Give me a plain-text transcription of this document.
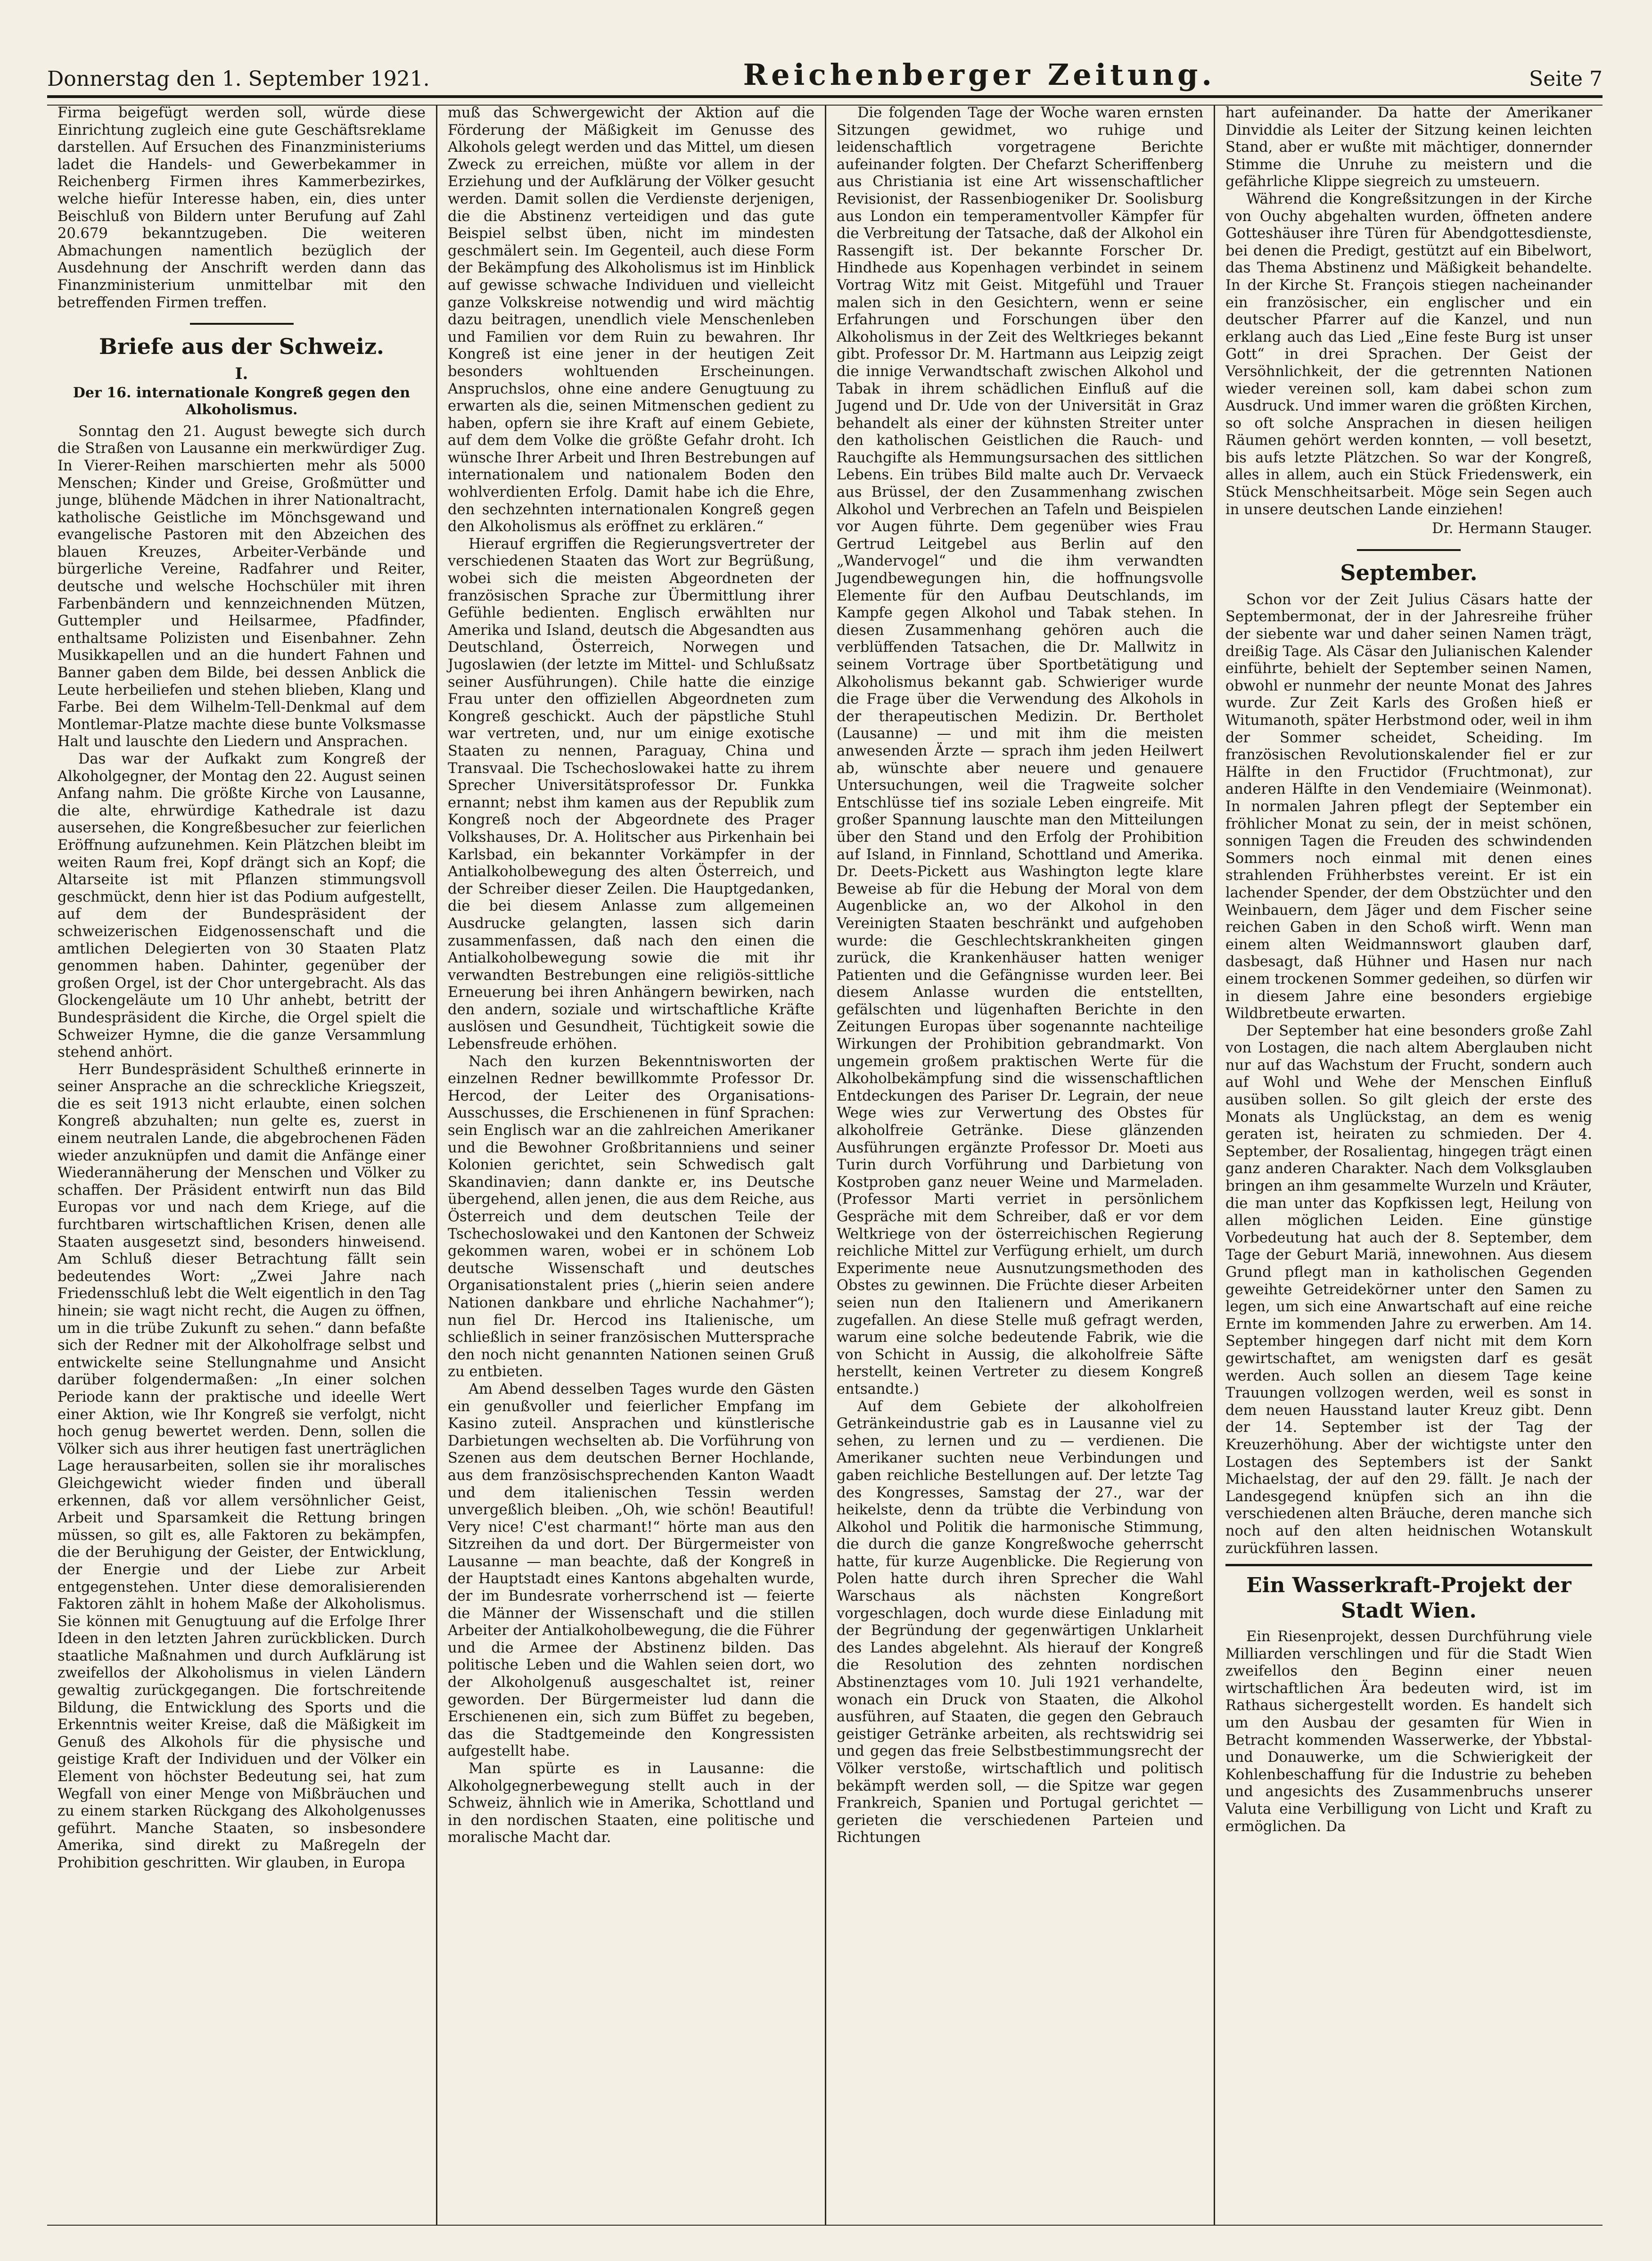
Donnerstag den 1. September 1921.	Reichenberger Zeitung.	Seite 7

Firma beigefügt werden soll, würde diese Einrichtung zugleich eine gute Geschäftsreklame darstellen. Auf Ersuchen des Finanzministeriums ladet die Handels- und Gewerbekammer in Reichenberg Firmen ihres Kammerbezirkes, welche hiefür Interesse haben, ein, dies unter Beischluß von Bildern unter Berufung auf Zahl 20.679 bekanntzugeben. Die weiteren Abmachungen namentlich bezüglich der Ausdehnung der Anschrift werden dann das Finanzministerium unmittelbar mit den betreffenden Firmen treffen.

Briefe aus der Schweiz.
I.
Der 16. internationale Kongreß gegen den Alkoholismus.

Sonntag den 21. August bewegte sich durch die Straßen von Lausanne ein merkwürdiger Zug. In Vierer-Reihen marschierten mehr als 5000 Menschen; Kinder und Greise, Großmütter und junge, blühende Mädchen in ihrer Nationaltracht, katholische Geistliche im Mönchsgewand und evangelische Pastoren mit den Abzeichen des blauen Kreuzes, Arbeiter-Verbände und bürgerliche Vereine, Radfahrer und Reiter, deutsche und welsche Hochschüler mit ihren Farbenbändern und kennzeichnenden Mützen, Guttempler und Heilsarmee, Pfadfinder, enthaltsame Polizisten und Eisenbahner. Zehn Musikkapellen und an die hundert Fahnen und Banner gaben dem Bilde, bei dessen Anblick die Leute herbeiliefen und stehen blieben, Klang und Farbe. Bei dem Wilhelm-Tell-Denkmal auf dem Montlemar-Platze machte diese bunte Volksmasse Halt und lauschte den Liedern und Ansprachen.

Das war der Aufkakt zum Kongreß der Alkoholgegner, der Montag den 22. August seinen Anfang nahm. Die größte Kirche von Lausanne, die alte, ehrwürdige Kathedrale ist dazu ausersehen, die Kongreßbesucher zur feierlichen Eröffnung aufzunehmen. Kein Plätzchen bleibt im weiten Raum frei, Kopf drängt sich an Kopf; die Altarseite ist mit Pflanzen stimmungsvoll geschmückt, denn hier ist das Podium aufgestellt, auf dem der Bundespräsident der schweizerischen Eidgenossenschaft und die amtlichen Delegierten von 30 Staaten Platz genommen haben. Dahinter, gegenüber der großen Orgel, ist der Chor untergebracht. Als das Glockengeläute um 10 Uhr anhebt, betritt der Bundespräsident die Kirche, die Orgel spielt die Schweizer Hymne, die die ganze Versammlung stehend anhört.

Herr Bundespräsident Schultheß erinnerte in seiner Ansprache an die schreckliche Kriegszeit, die es seit 1913 nicht erlaubte, einen solchen Kongreß abzuhalten; nun gelte es, zuerst in einem neutralen Lande, die abgebrochenen Fäden wieder anzuknüpfen und damit die Anfänge einer Wiederannäherung der Menschen und Völker zu schaffen. Der Präsident entwirft nun das Bild Europas vor und nach dem Kriege, auf die furchtbaren wirtschaftlichen Krisen, denen alle Staaten ausgesetzt sind, besonders hinweisend. Am Schluß dieser Betrachtung fällt sein bedeutendes Wort: „Zwei Jahre nach Friedensschluß lebt die Welt eigentlich in den Tag hinein; sie wagt nicht recht, die Augen zu öffnen, um in die trübe Zukunft zu sehen.“ dann befaßte sich der Redner mit der Alkoholfrage selbst und entwickelte seine Stellungnahme und Ansicht darüber folgendermaßen: „In einer solchen Periode kann der praktische und ideelle Wert einer Aktion, wie Ihr Kongreß sie verfolgt, nicht hoch genug bewertet werden. Denn, sollen die Völker sich aus ihrer heutigen fast unerträglichen Lage herausarbeiten, sollen sie ihr moralisches Gleichgewicht wieder finden und überall erkennen, daß vor allem versöhnlicher Geist, Arbeit und Sparsamkeit die Rettung bringen müssen, so gilt es, alle Faktoren zu bekämpfen, die der Beruhigung der Geister, der Entwicklung, der Energie und der Liebe zur Arbeit entgegenstehen. Unter diese demoralisierenden Faktoren zählt in hohem Maße der Alkoholismus. Sie können mit Genugtuung auf die Erfolge Ihrer Ideen in den letzten Jahren zurückblicken. Durch staatliche Maßnahmen und durch Aufklärung ist zweifellos der Alkoholismus in vielen Ländern gewaltig zurückgegangen. Die fortschreitende Bildung, die Entwicklung des Sports und die Erkenntnis weiter Kreise, daß die Mäßigkeit im Genuß des Alkohols für die physische und geistige Kraft der Individuen und der Völker ein Element von höchster Bedeutung sei, hat zum Wegfall von einer Menge von Mißbräuchen und zu einem starken Rückgang des Alkoholgenusses geführt. Manche Staaten, so insbesondere Amerika, sind direkt zu Maßregeln der Prohibition geschritten. Wir glauben, in Europa

muß das Schwergewicht der Aktion auf die Förderung der Mäßigkeit im Genusse des Alkohols gelegt werden und das Mittel, um diesen Zweck zu erreichen, müßte vor allem in der Erziehung und der Aufklärung der Völker gesucht werden. Damit sollen die Verdienste derjenigen, die die Abstinenz verteidigen und das gute Beispiel selbst üben, nicht im mindesten geschmälert sein. Im Gegenteil, auch diese Form der Bekämpfung des Alkoholismus ist im Hinblick auf gewisse schwache Individuen und vielleicht ganze Volkskreise notwendig und wird mächtig dazu beitragen, unendlich viele Menschenleben und Familien vor dem Ruin zu bewahren. Ihr Kongreß ist eine jener in der heutigen Zeit besonders wohltuenden Erscheinungen. Anspruchslos, ohne eine andere Genugtuung zu erwarten als die, seinen Mitmenschen gedient zu haben, opfern sie ihre Kraft auf einem Gebiete, auf dem dem Volke die größte Gefahr droht. Ich wünsche Ihrer Arbeit und Ihren Bestrebungen auf internationalem und nationalem Boden den wohlverdienten Erfolg. Damit habe ich die Ehre, den sechzehnten internationalen Kongreß gegen den Alkoholismus als eröffnet zu erklären.“

Hierauf ergriffen die Regierungsvertreter der verschiedenen Staaten das Wort zur Begrüßung, wobei sich die meisten Abgeordneten der französischen Sprache zur Übermittlung ihrer Gefühle bedienten. Englisch erwählten nur Amerika und Island, deutsch die Abgesandten aus Deutschland, Österreich, Norwegen und Jugoslawien (der letzte im Mittel- und Schlußsatz seiner Ausführungen). Chile hatte die einzige Frau unter den offiziellen Abgeordneten zum Kongreß geschickt. Auch der päpstliche Stuhl war vertreten, und, nur um einige exotische Staaten zu nennen, Paraguay, China und Transvaal. Die Tschechoslowakei hatte zu ihrem Sprecher Universitätsprofessor Dr. Funkka ernannt; nebst ihm kamen aus der Republik zum Kongreß noch der Abgeordnete des Prager Volkshauses, Dr. A. Holitscher aus Pirkenhain bei Karlsbad, ein bekannter Vorkämpfer in der Antialkoholbewegung des alten Österreich, und der Schreiber dieser Zeilen. Die Hauptgedanken, die bei diesem Anlasse zum allgemeinen Ausdrucke gelangten, lassen sich darin zusammenfassen, daß nach den einen die Antialkoholbewegung sowie die mit ihr verwandten Bestrebungen eine religiös-sittliche Erneuerung bei ihren Anhängern bewirken, nach den andern, soziale und wirtschaftliche Kräfte auslösen und Gesundheit, Tüchtigkeit sowie die Lebensfreude erhöhen.

Nach den kurzen Bekenntnisworten der einzelnen Redner bewillkommte Professor Dr. Hercod, der Leiter des Organisations-Ausschusses, die Erschienenen in fünf Sprachen: sein Englisch war an die zahlreichen Amerikaner und die Bewohner Großbritanniens und seiner Kolonien gerichtet, sein Schwedisch galt Skandinavien; dann dankte er, ins Deutsche übergehend, allen jenen, die aus dem Reiche, aus Österreich und dem deutschen Teile der Tschechoslowakei und den Kantonen der Schweiz gekommen waren, wobei er in schönem Lob deutsche Wissenschaft und deutsches Organisationstalent pries („hierin seien andere Nationen dankbare und ehrliche Nachahmer“); nun fiel Dr. Hercod ins Italienische, um schließlich in seiner französischen Muttersprache den noch nicht genannten Nationen seinen Gruß zu entbieten.

Am Abend desselben Tages wurde den Gästen ein genußvoller und feierlicher Empfang im Kasino zuteil. Ansprachen und künstlerische Darbietungen wechselten ab. Die Vorführung von Szenen aus dem deutschen Berner Hochlande, aus dem französischsprechenden Kanton Waadt und dem italienischen Tessin werden unvergeßlich bleiben. „Oh, wie schön! Beautiful! Very nice! C'est charmant!“ hörte man aus den Sitzreihen da und dort. Der Bürgermeister von Lausanne — man beachte, daß der Kongreß in der Hauptstadt eines Kantons abgehalten wurde, der im Bundesrate vorherrschend ist — feierte die Männer der Wissenschaft und die stillen Arbeiter der Antialkoholbewegung, die die Führer und die Armee der Abstinenz bilden. Das politische Leben und die Wahlen seien dort, wo der Alkoholgenuß ausgeschaltet ist, reiner geworden. Der Bürgermeister lud dann die Erschienenen ein, sich zum Büffet zu begeben, das die Stadtgemeinde den Kongressisten aufgestellt habe.

Man spürte es in Lausanne: die Alkoholgegnerbewegung stellt auch in der Schweiz, ähnlich wie in Amerika, Schottland und in den nordischen Staaten, eine politische und moralische Macht dar.

Die folgenden Tage der Woche waren ernsten Sitzungen gewidmet, wo ruhige und leidenschaftlich vorgetragene Berichte aufeinander folgten. Der Chefarzt Scheriffenberg aus Christiania ist eine Art wissenschaftlicher Revisionist, der Rassenbiogeniker Dr. Soolisburg aus London ein temperamentvoller Kämpfer für die Verbreitung der Tatsache, daß der Alkohol ein Rassengift ist. Der bekannte Forscher Dr. Hindhede aus Kopenhagen verbindet in seinem Vortrag Witz mit Geist. Mitgefühl und Trauer malen sich in den Gesichtern, wenn er seine Erfahrungen und Forschungen über den Alkoholismus in der Zeit des Weltkrieges bekannt gibt. Professor Dr. M. Hartmann aus Leipzig zeigt die innige Verwandtschaft zwischen Alkohol und Tabak in ihrem schädlichen Einfluß auf die Jugend und Dr. Ude von der Universität in Graz behandelt als einer der kühnsten Streiter unter den katholischen Geistlichen die Rauch- und Rauchgifte als Hemmungsursachen des sittlichen Lebens. Ein trübes Bild malte auch Dr. Vervaeck aus Brüssel, der den Zusammenhang zwischen Alkohol und Verbrechen an Tafeln und Beispielen vor Augen führte. Dem gegenüber wies Frau Gertrud Leitgebel aus Berlin auf den „Wandervogel“ und die ihm verwandten Jugendbewegungen hin, die hoffnungsvolle Elemente für den Aufbau Deutschlands, im Kampfe gegen Alkohol und Tabak stehen. In diesen Zusammenhang gehören auch die verblüffenden Tatsachen, die Dr. Mallwitz in seinem Vortrage über Sportbetätigung und Alkoholismus bekannt gab. Schwieriger wurde die Frage über die Verwendung des Alkohols in der therapeutischen Medizin. Dr. Bertholet (Lausanne) — und mit ihm die meisten anwesenden Ärzte — sprach ihm jeden Heilwert ab, wünschte aber neuere und genauere Untersuchungen, weil die Tragweite solcher Entschlüsse tief ins soziale Leben eingreife. Mit großer Spannung lauschte man den Mitteilungen über den Stand und den Erfolg der Prohibition auf Island, in Finnland, Schottland und Amerika. Dr. Deets-Pickett aus Washington legte klare Beweise ab für die Hebung der Moral von dem Augenblicke an, wo der Alkohol in den Vereinigten Staaten beschränkt und aufgehoben wurde: die Geschlechtskrankheiten gingen zurück, die Krankenhäuser hatten weniger Patienten und die Gefängnisse wurden leer. Bei diesem Anlasse wurden die entstellten, gefälschten und lügenhaften Berichte in den Zeitungen Europas über sogenannte nachteilige Wirkungen der Prohibition gebrandmarkt. Von ungemein großem praktischen Werte für die Alkoholbekämpfung sind die wissenschaftlichen Entdeckungen des Pariser Dr. Legrain, der neue Wege wies zur Verwertung des Obstes für alkoholfreie Getränke. Diese glänzenden Ausführungen ergänzte Professor Dr. Moeti aus Turin durch Vorführung und Darbietung von Kostproben ganz neuer Weine und Marmeladen. (Professor Marti verriet in persönlichem Gespräche mit dem Schreiber, daß er vor dem Weltkriege von der österreichischen Regierung reichliche Mittel zur Verfügung erhielt, um durch Experimente neue Ausnutzungsmethoden des Obstes zu gewinnen. Die Früchte dieser Arbeiten seien nun den Italienern und Amerikanern zugefallen. An diese Stelle muß gefragt werden, warum eine solche bedeutende Fabrik, wie die von Schicht in Aussig, die alkoholfreie Säfte herstellt, keinen Vertreter zu diesem Kongreß entsandte.)

Auf dem Gebiete der alkoholfreien Getränkeindustrie gab es in Lausanne viel zu sehen, zu lernen und zu — verdienen. Die Amerikaner suchten neue Verbindungen und gaben reichliche Bestellungen auf. Der letzte Tag des Kongresses, Samstag der 27., war der heikelste, denn da trübte die Verbindung von Alkohol und Politik die harmonische Stimmung, die durch die ganze Kongreßwoche geherrscht hatte, für kurze Augenblicke. Die Regierung von Polen hatte durch ihren Sprecher die Wahl Warschaus als nächsten Kongreßort vorgeschlagen, doch wurde diese Einladung mit der Begründung der gegenwärtigen Unklarheit des Landes abgelehnt. Als hierauf der Kongreß die Resolution des zehnten nordischen Abstinenztages vom 10. Juli 1921 verhandelte, wonach ein Druck von Staaten, die Alkohol ausführen, auf Staaten, die gegen den Gebrauch geistiger Getränke arbeiten, als rechtswidrig sei und gegen das freie Selbstbestimmungsrecht der Völker verstoße, wirtschaftlich und politisch bekämpft werden soll, — die Spitze war gegen Frankreich, Spanien und Portugal gerichtet — gerieten die verschiedenen Parteien und Richtungen

hart aufeinander. Da hatte der Amerikaner Dinviddie als Leiter der Sitzung keinen leichten Stand, aber er wußte mit mächtiger, donnernder Stimme die Unruhe zu meistern und die gefährliche Klippe siegreich zu umsteuern.

Während die Kongreßsitzungen in der Kirche von Ouchy abgehalten wurden, öffneten andere Gotteshäuser ihre Türen für Abendgottesdienste, bei denen die Predigt, gestützt auf ein Bibelwort, das Thema Abstinenz und Mäßigkeit behandelte. In der Kirche St. François stiegen nacheinander ein französischer, ein englischer und ein deutscher Pfarrer auf die Kanzel, und nun erklang auch das Lied „Eine feste Burg ist unser Gott“ in drei Sprachen. Der Geist der Versöhnlichkeit, der die getrennten Nationen wieder vereinen soll, kam dabei schon zum Ausdruck. Und immer waren die größten Kirchen, so oft solche Ansprachen in diesen heiligen Räumen gehört werden konnten, — voll besetzt, bis aufs letzte Plätzchen. So war der Kongreß, alles in allem, auch ein Stück Friedenswerk, ein Stück Menschheitsarbeit. Möge sein Segen auch in unsere deutschen Lande einziehen!

Dr. Hermann Stauger.

September.

Schon vor der Zeit Julius Cäsars hatte der Septembermonat, der in der Jahresreihe früher der siebente war und daher seinen Namen trägt, dreißig Tage. Als Cäsar den Julianischen Kalender einführte, behielt der September seinen Namen, obwohl er nunmehr der neunte Monat des Jahres wurde. Zur Zeit Karls des Großen hieß er Witumanoth, später Herbstmond oder, weil in ihm der Sommer scheidet, Scheiding. Im französischen Revolutionskalender fiel er zur Hälfte in den Fructidor (Fruchtmonat), zur anderen Hälfte in den Vendemiaire (Weinmonat). In normalen Jahren pflegt der September ein fröhlicher Monat zu sein, der in meist schönen, sonnigen Tagen die Freuden des schwindenden Sommers noch einmal mit denen eines strahlenden Frühherbstes vereint. Er ist ein lachender Spender, der dem Obstzüchter und den Weinbauern, dem Jäger und dem Fischer seine reichen Gaben in den Schoß wirft. Wenn man einem alten Weidmannswort glauben darf, dasbesagt, daß Hühner und Hasen nur nach einem trockenen Sommer gedeihen, so dürfen wir in diesem Jahre eine besonders ergiebige Wildbretbeute erwarten.

Der September hat eine besonders große Zahl von Lostagen, die nach altem Aberglauben nicht nur auf das Wachstum der Frucht, sondern auch auf Wohl und Wehe der Menschen Einfluß ausüben sollen. So gilt gleich der erste des Monats als Unglückstag, an dem es wenig geraten ist, heiraten zu schmieden. Der 4. September, der Rosalientag, hingegen trägt einen ganz anderen Charakter. Nach dem Volksglauben bringen an ihm gesammelte Wurzeln und Kräuter, die man unter das Kopfkissen legt, Heilung von allen möglichen Leiden. Eine günstige Vorbedeutung hat auch der 8. September, dem Tage der Geburt Mariä, innewohnen. Aus diesem Grund pflegt man in katholischen Gegenden geweihte Getreidekörner unter den Samen zu legen, um sich eine Anwartschaft auf eine reiche Ernte im kommenden Jahre zu erwerben. Am 14. September hingegen darf nicht mit dem Korn gewirtschaftet, am wenigsten darf es gesät werden. Auch sollen an diesem Tage keine Trauungen vollzogen werden, weil es sonst in dem neuen Hausstand lauter Kreuz gibt. Denn der 14. September ist der Tag der Kreuzerhöhung. Aber der wichtigste unter den Lostagen des Septembers ist der Sankt Michaelstag, der auf den 29. fällt. Je nach der Landesgegend knüpfen sich an ihn die verschiedenen alten Bräuche, deren manche sich noch auf den alten heidnischen Wotanskult zurückführen lassen.

Ein Wasserkraft-Projekt der Stadt Wien.

Ein Riesenprojekt, dessen Durchführung viele Milliarden verschlingen und für die Stadt Wien zweifellos den Beginn einer neuen wirtschaftlichen Ära bedeuten wird, ist im Rathaus sichergestellt worden. Es handelt sich um den Ausbau der gesamten für Wien in Betracht kommenden Wasserwerke, der Ybbstal- und Donauwerke, um die Schwierigkeit der Kohlenbeschaffung für die Industrie zu beheben und angesichts des Zusammenbruchs unserer Valuta eine Verbilligung von Licht und Kraft zu ermöglichen. Da
